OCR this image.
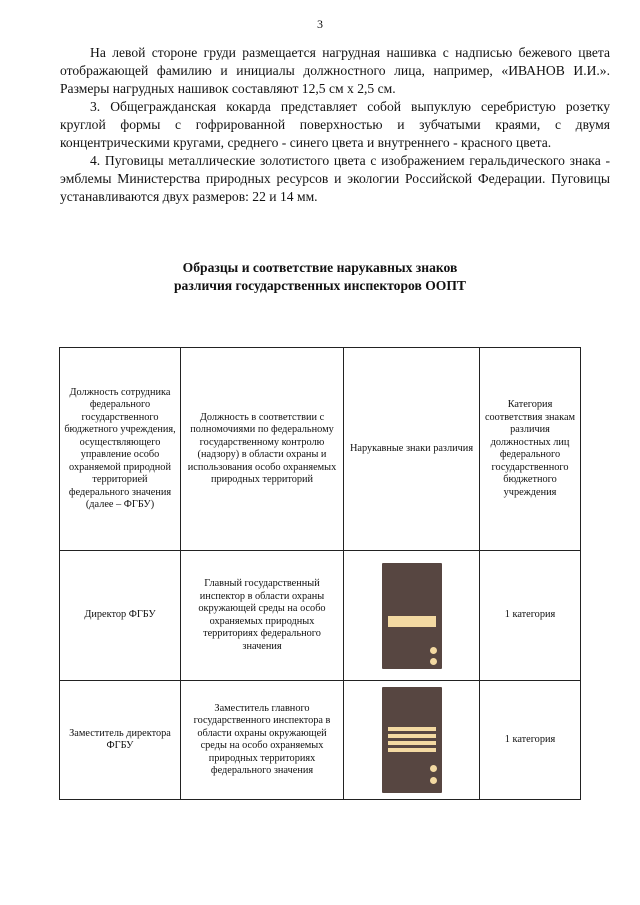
3

На левой стороне груди размещается нагрудная нашивка с надписью бежевого цвета отображающей фамилию и инициалы должностного лица, например, «ИВАНОВ И.И.». Размеры нагрудных нашивок составляют 12,5 см х 2,5 см.

3. Общегражданская кокарда представляет собой выпуклую серебристую розетку круглой формы с гофрированной поверхностью и зубчатыми краями, с двумя концентрическими кругами, среднего - синего цвета и внутреннего - красного цвета.

4. Пуговицы металлические золотистого цвета с изображением геральдического знака - эмблемы Министерства природных ресурсов и экологии Российской Федерации. Пуговицы устанавливаются двух размеров: 22 и 14 мм.

Образцы и соответствие нарукавных знаков
различия государственных инспекторов ООПТ
Должность сотрудника федерального государственного бюджетного учреждения, осуществляющего управление особо охраняемой природной территорией федерального значения (далее – ФГБУ)	Должность в соответствии с полномочиями по федеральному государственному контролю (надзору) в области охраны и использования особо охраняемых природных территорий	Нарукавные знаки различия	Категория соответствия знакам различия должностных лиц федерального государственного бюджетного учреждения
Директор ФГБУ	Главный государственный инспектор в области охраны окружающей среды на особо охраняемых природных территориях федерального значения		1 категория
Заместитель директора ФГБУ	Заместитель главного государственного инспектора в области охраны окружающей среды на особо охраняемых природных территориях федерального значения		1 категория
